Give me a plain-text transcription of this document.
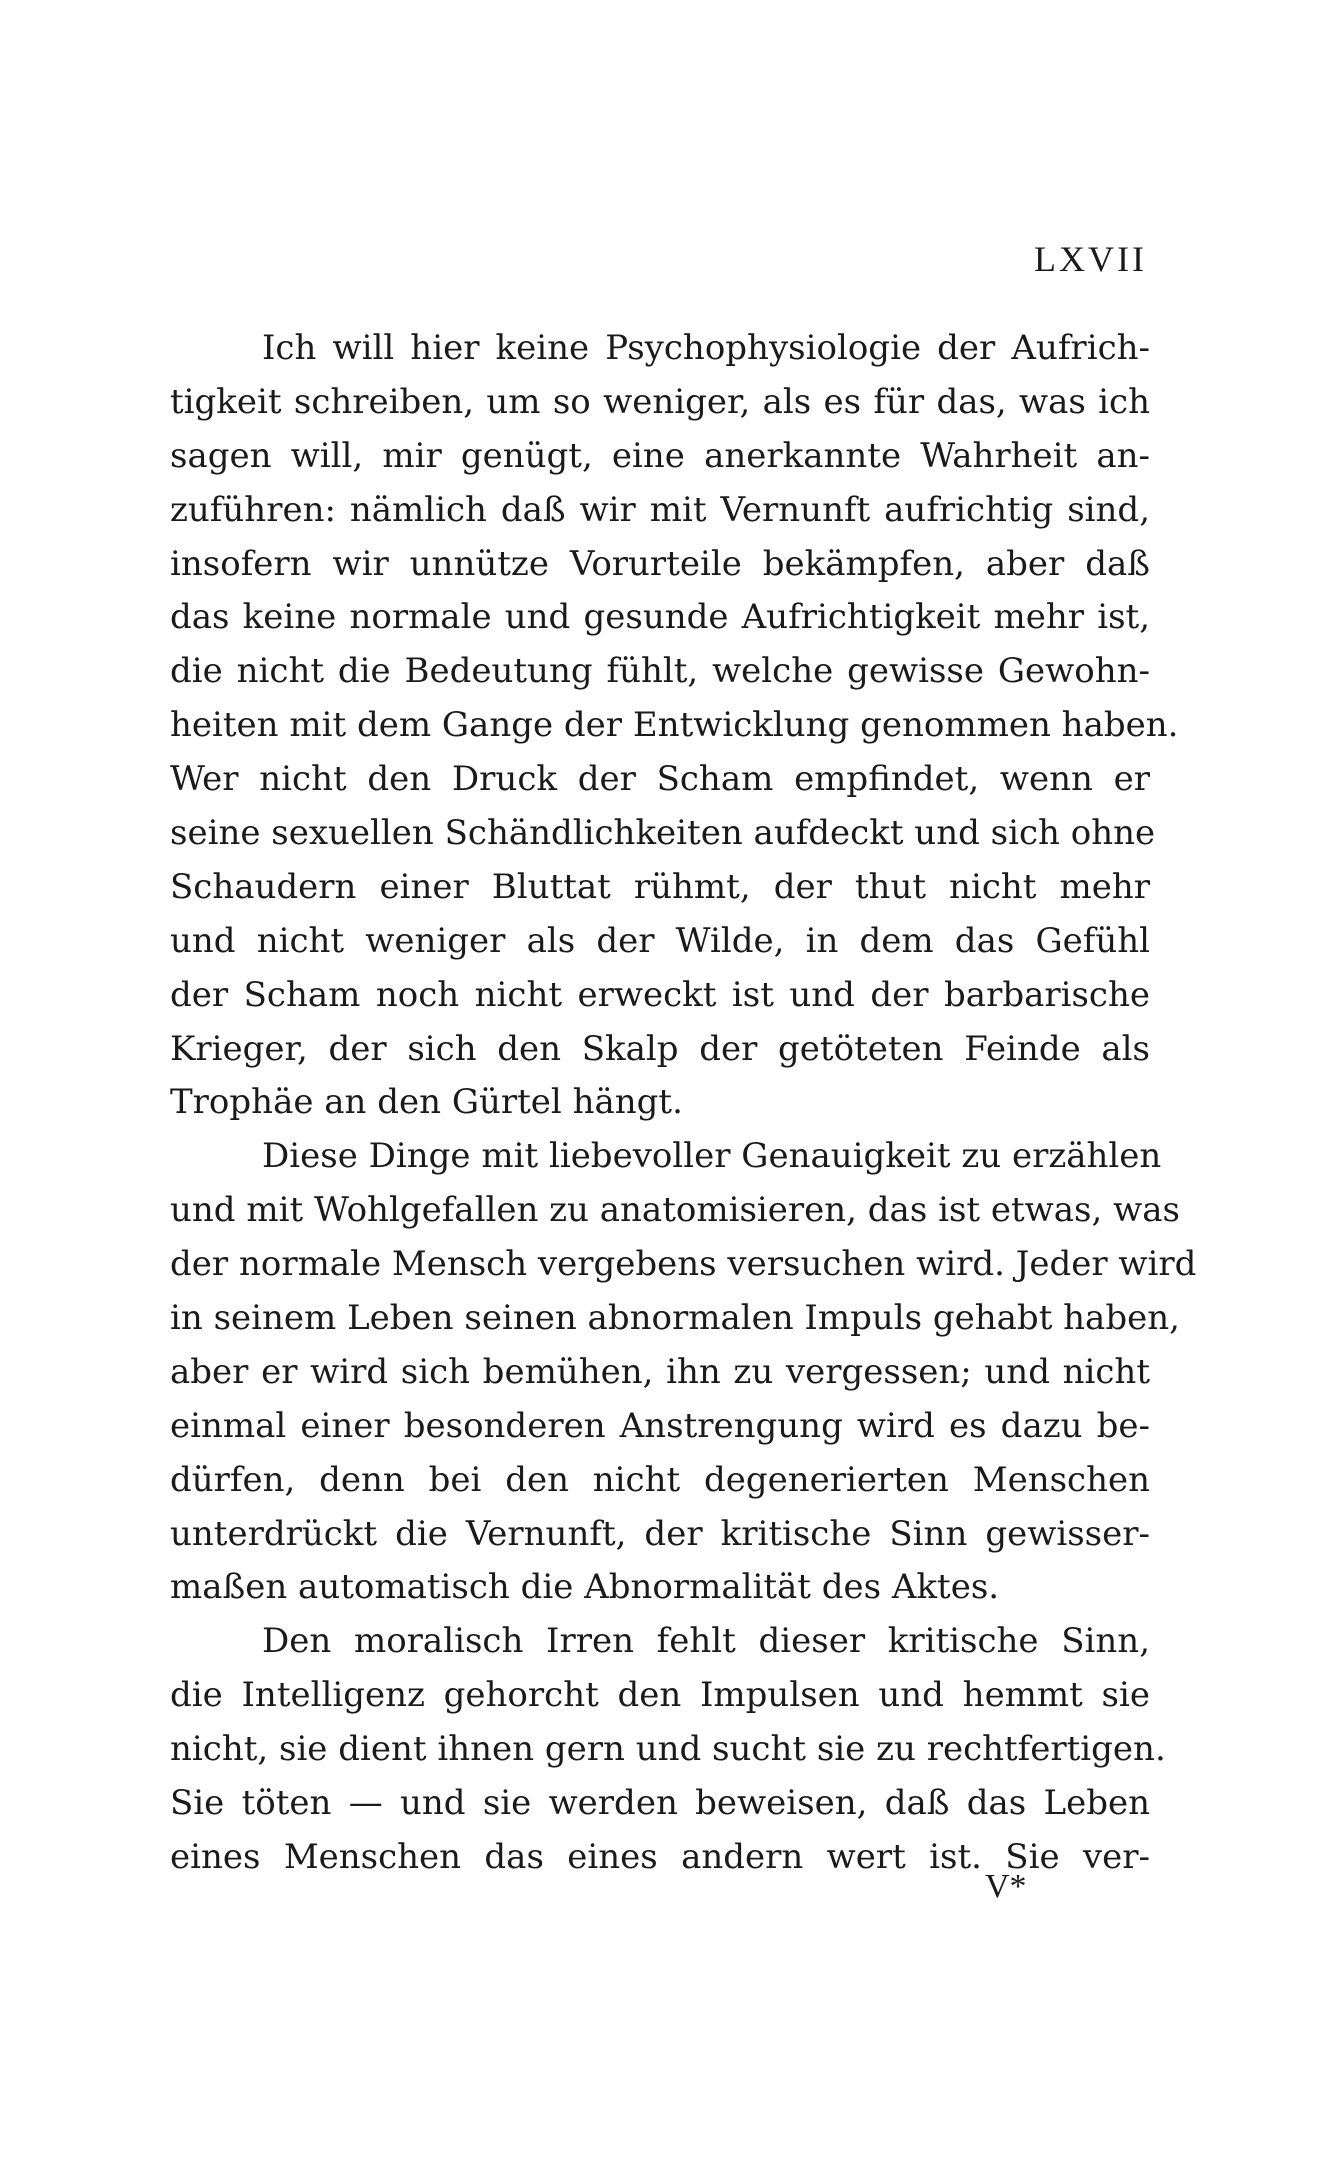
LXVII
Ich will hier keine Psychophysiologie der Aufrich-
tigkeit schreiben, um so weniger, als es für das, was ich
sagen will, mir genügt, eine anerkannte Wahrheit an-
zuführen: nämlich daß wir mit Vernunft aufrichtig sind,
insofern wir unnütze Vorurteile bekämpfen, aber daß
das keine normale und gesunde Aufrichtigkeit mehr ist,
die nicht die Bedeutung fühlt, welche gewisse Gewohn-
heiten mit dem Gange der Entwicklung genommen haben.
Wer nicht den Druck der Scham empfindet, wenn er
seine sexuellen Schändlichkeiten aufdeckt und sich ohne
Schaudern einer Bluttat rühmt, der thut nicht mehr
und nicht weniger als der Wilde, in dem das Gefühl
der Scham noch nicht erweckt ist und der barbarische
Krieger, der sich den Skalp der getöteten Feinde als
Trophäe an den Gürtel hängt.
Diese Dinge mit liebevoller Genauigkeit zu erzählen
und mit Wohlgefallen zu anatomisieren, das ist etwas, was
der normale Mensch vergebens versuchen wird. Jeder wird
in seinem Leben seinen abnormalen Impuls gehabt haben,
aber er wird sich bemühen, ihn zu vergessen; und nicht
einmal einer besonderen Anstrengung wird es dazu be-
dürfen, denn bei den nicht degenerierten Menschen
unterdrückt die Vernunft, der kritische Sinn gewisser-
maßen automatisch die Abnormalität des Aktes.
Den moralisch Irren fehlt dieser kritische Sinn,
die Intelligenz gehorcht den Impulsen und hemmt sie
nicht, sie dient ihnen gern und sucht sie zu rechtfertigen.
Sie töten — und sie werden beweisen, daß das Leben
eines Menschen das eines andern wert ist. Sie ver-
V*
